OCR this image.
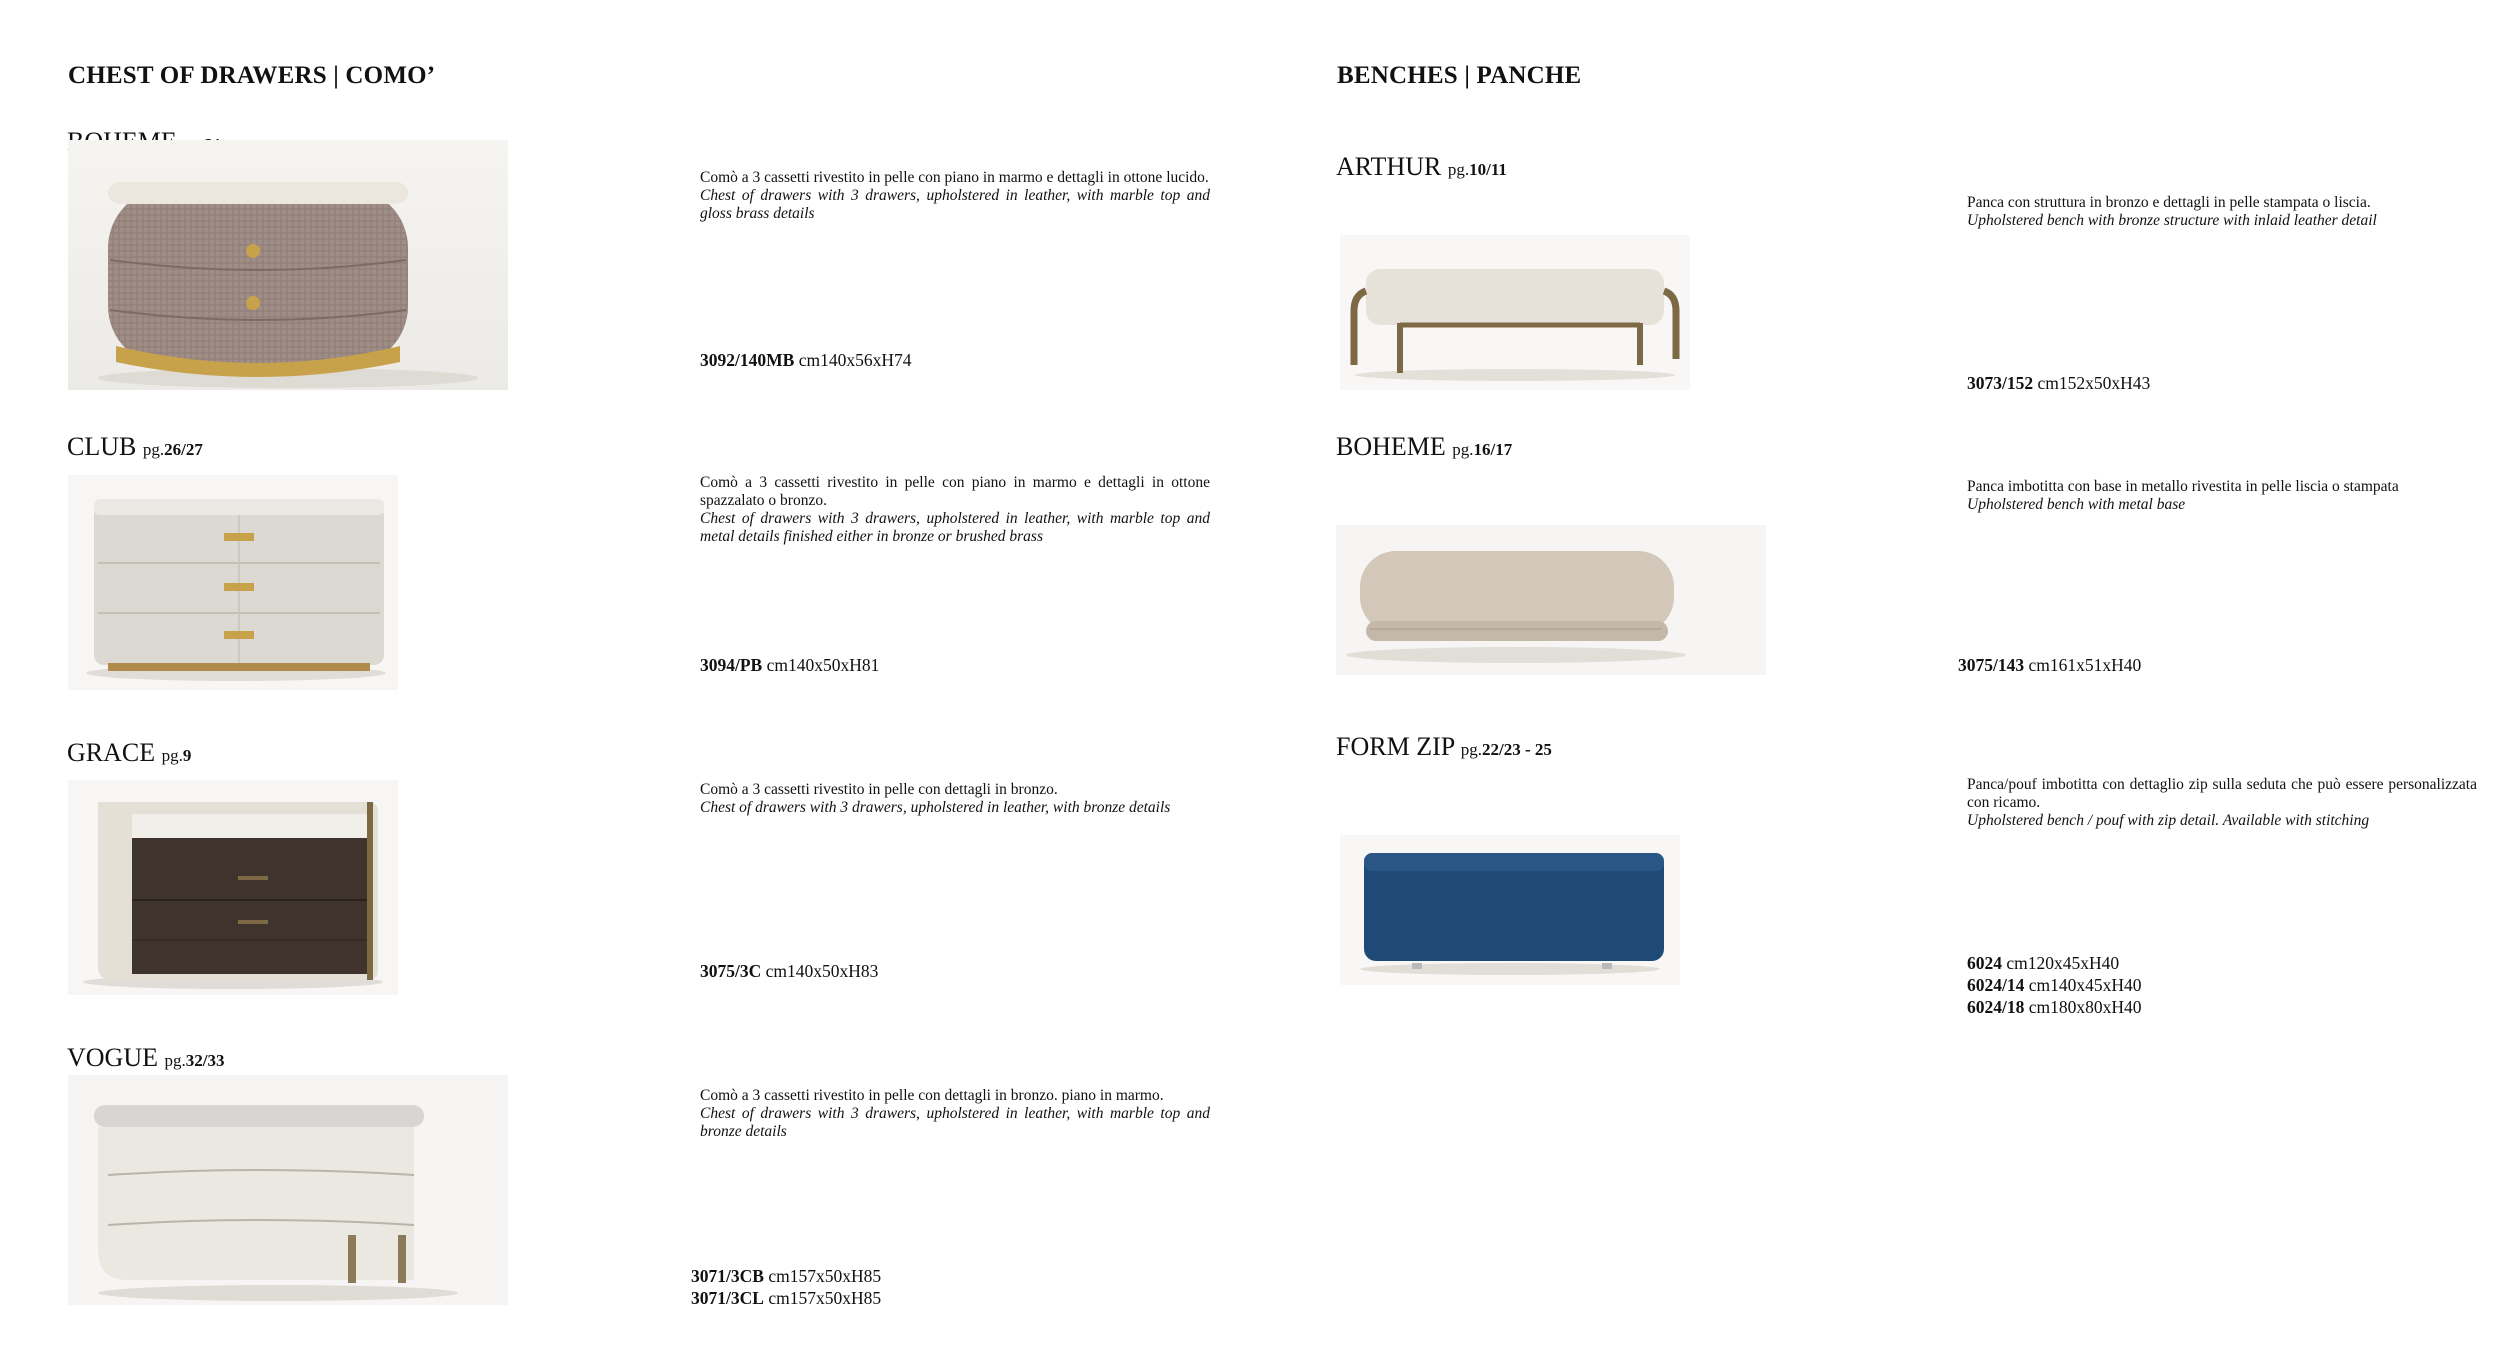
CHEST OF DRAWERS | COMO’
Comò a 3 cassetti rivestito in pelle con piano in marmo e dettagli in ottone lucido.
Chest of drawers with 3 drawers, upholstered in leather, with marble top and gloss brass details
3092/140MB cm140x56xH74
CLUB pg.26/27
Comò a 3 cassetti rivestito in pelle con piano in marmo e dettagli in ottone spazzalato o bronzo.
Chest of drawers with 3 drawers, upholstered in leather, with marble top and metal details finished either in bronze or brushed brass
3094/PB cm140x50xH81
GRACE pg.9
Comò a 3 cassetti rivestito in pelle con dettagli in bronzo.
Chest of drawers with 3 drawers, upholstered in leather, with bronze details
3075/3C cm140x50xH83
VOGUE pg.32/33
Comò a 3 cassetti rivestito in pelle con dettagli in bronzo. piano in marmo.
Chest of drawers with 3 drawers, upholstered in leather, with marble top and bronze details
3071/3CB cm157x50xH85
3071/3CL cm157x50xH85
BENCHES | PANCHE
ARTHUR pg.10/11
Panca con struttura in bronzo e dettagli in pelle stampata o liscia.
Upholstered bench with bronze structure with inlaid leather detail
3073/152 cm152x50xH43
BOHEME pg.16/17
Panca imbotitta con base in metallo rivestita in pelle liscia o stampata
Upholstered bench with metal base
3075/143 cm161x51xH40
FORM ZIP pg.22/23 - 25
Panca/pouf imbotitta con dettaglio zip sulla seduta che può essere personalizzata con ricamo.
Upholstered bench / pouf with zip detail. Available with stitching
6024 cm120x45xH40
6024/14 cm140x45xH40
6024/18 cm180x80xH40
